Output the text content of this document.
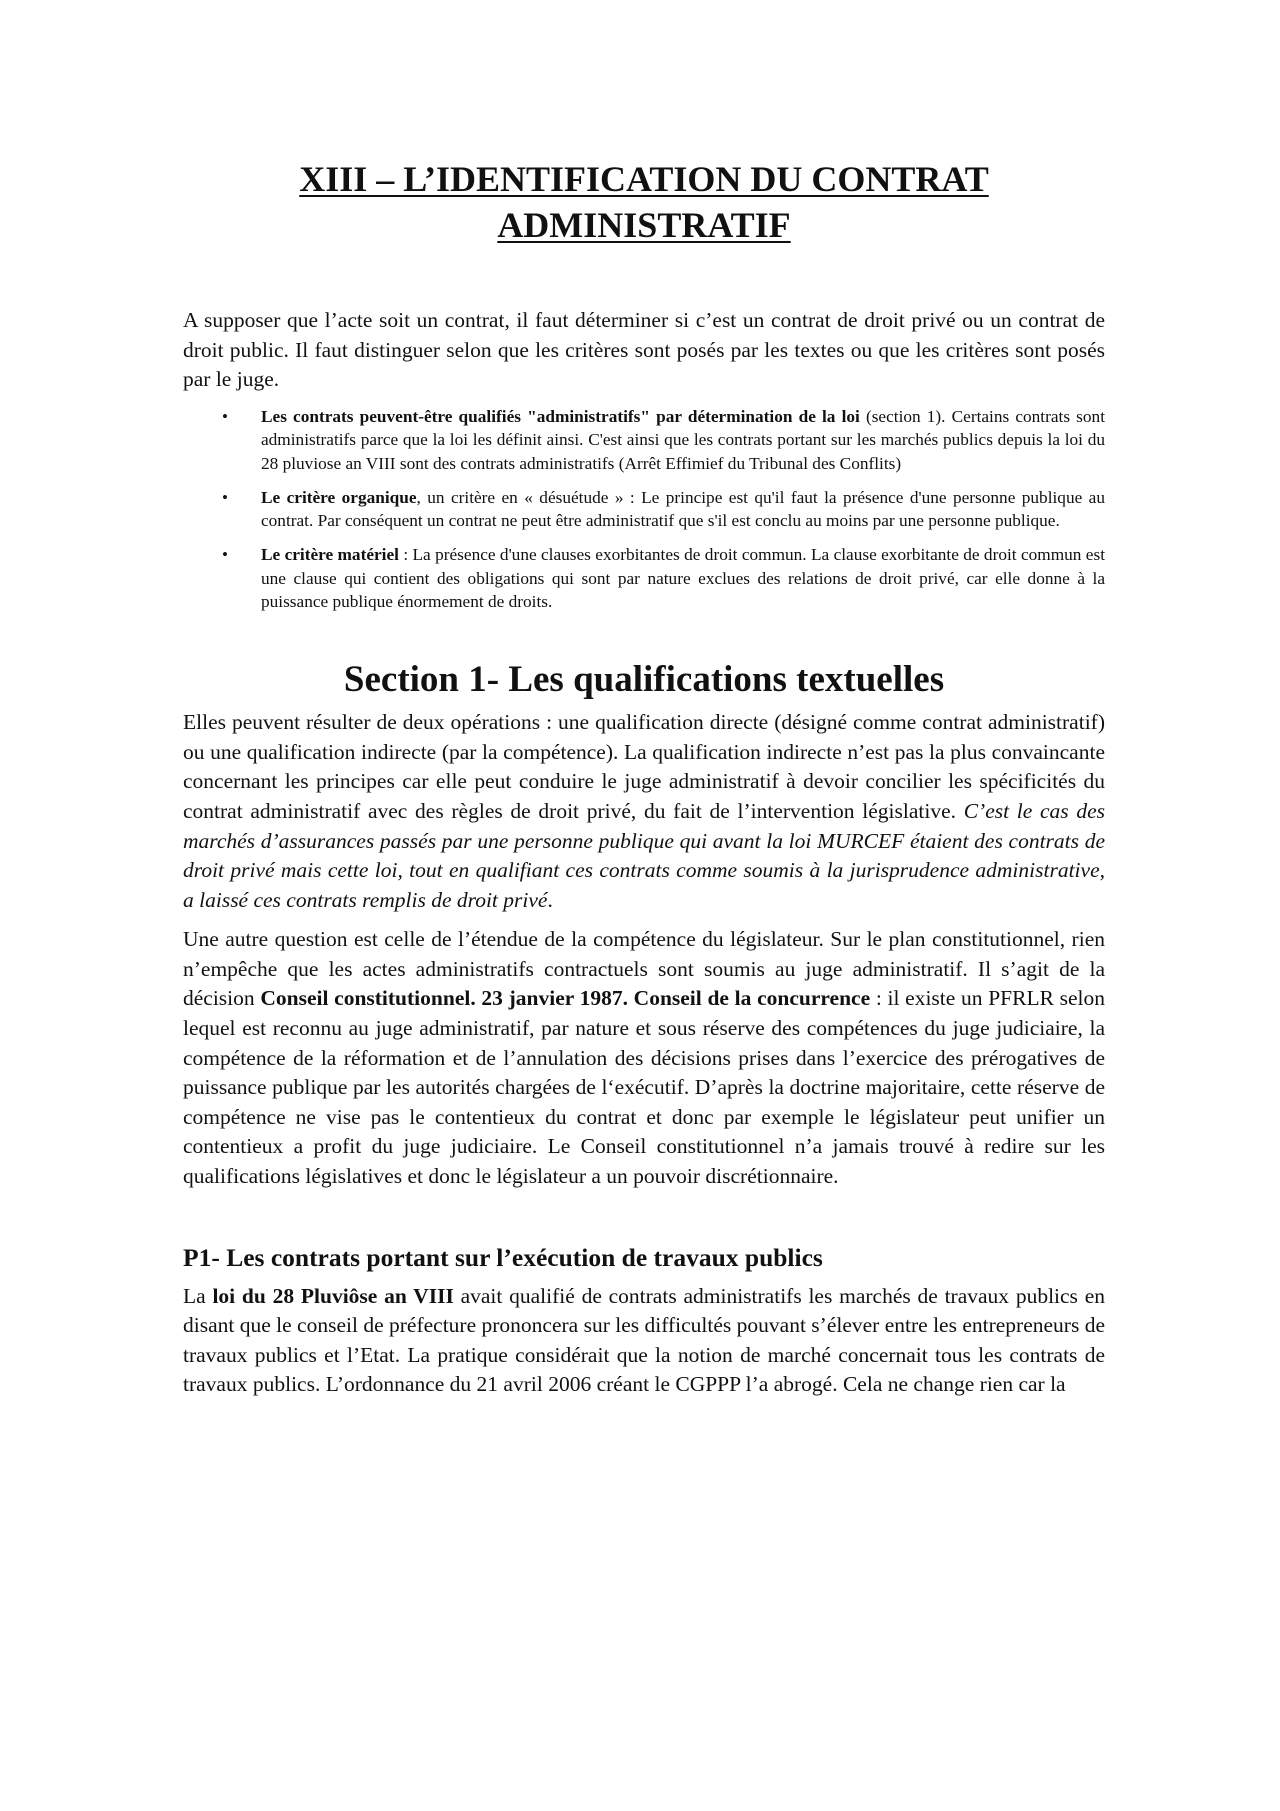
XIII – L’IDENTIFICATION DU CONTRAT
ADMINISTRATIF

A supposer que l’acte soit un contrat, il faut déterminer si c’est un contrat de droit privé ou un contrat de droit public. Il faut distinguer selon que les critères sont posés par les textes ou que les critères sont posés par le juge.

• Les contrats peuvent-être qualifiés "administratifs" par détermination de la loi (section 1). Certains contrats sont administratifs parce que la loi les définit ainsi. C'est ainsi que les contrats portant sur les marchés publics depuis la loi du 28 pluviose an VIII sont des contrats administratifs (Arrêt Effimief du Tribunal des Conflits)
• Le critère organique, un critère en « désuétude » : Le principe est qu'il faut la présence d'une personne publique au contrat. Par conséquent un contrat ne peut être administratif que s'il est conclu au moins par une personne publique.
• Le critère matériel : La présence d'une clauses exorbitantes de droit commun. La clause exorbitante de droit commun est une clause qui contient des obligations qui sont par nature exclues des relations de droit privé, car elle donne à la puissance publique énormement de droits.
Section 1- Les qualifications textuelles

Elles peuvent résulter de deux opérations : une qualification directe (désigné comme contrat administratif) ou une qualification indirecte (par la compétence). La qualification indirecte n’est pas la plus convaincante concernant les principes car elle peut conduire le juge administratif à devoir concilier les spécificités du contrat administratif avec des règles de droit privé, du fait de l’intervention législative. C’est le cas des marchés d’assurances passés par une personne publique qui avant la loi MURCEF étaient des contrats de droit privé mais cette loi, tout en qualifiant ces contrats comme soumis à la jurisprudence administrative, a laissé ces contrats remplis de droit privé.

Une autre question est celle de l’étendue de la compétence du législateur. Sur le plan constitutionnel, rien n’empêche que les actes administratifs contractuels sont soumis au juge administratif. Il s’agit de la décision Conseil constitutionnel. 23 janvier 1987. Conseil de la concurrence : il existe un PFRLR selon lequel est reconnu au juge administratif, par nature et sous réserve des compétences du juge judiciaire, la compétence de la réformation et de l’annulation des décisions prises dans l’exercice des prérogatives de puissance publique par les autorités chargées de l‘exécutif. D’après la doctrine majoritaire, cette réserve de compétence ne vise pas le contentieux du contrat et donc par exemple le législateur peut unifier un contentieux a profit du juge judiciaire. Le Conseil constitutionnel n’a jamais trouvé à redire sur les qualifications législatives et donc le législateur a un pouvoir discrétionnaire.

P1- Les contrats portant sur l’exécution de travaux publics

La loi du 28 Pluviôse an VIII avait qualifié de contrats administratifs les marchés de travaux publics en disant que le conseil de préfecture prononcera sur les difficultés pouvant s’élever entre les entrepreneurs de travaux publics et l’Etat. La pratique considérait que la notion de marché concernait tous les contrats de travaux publics. L’ordonnance du 21 avril 2006 créant le CGPPP l’a abrogé. Cela ne change rien car la
